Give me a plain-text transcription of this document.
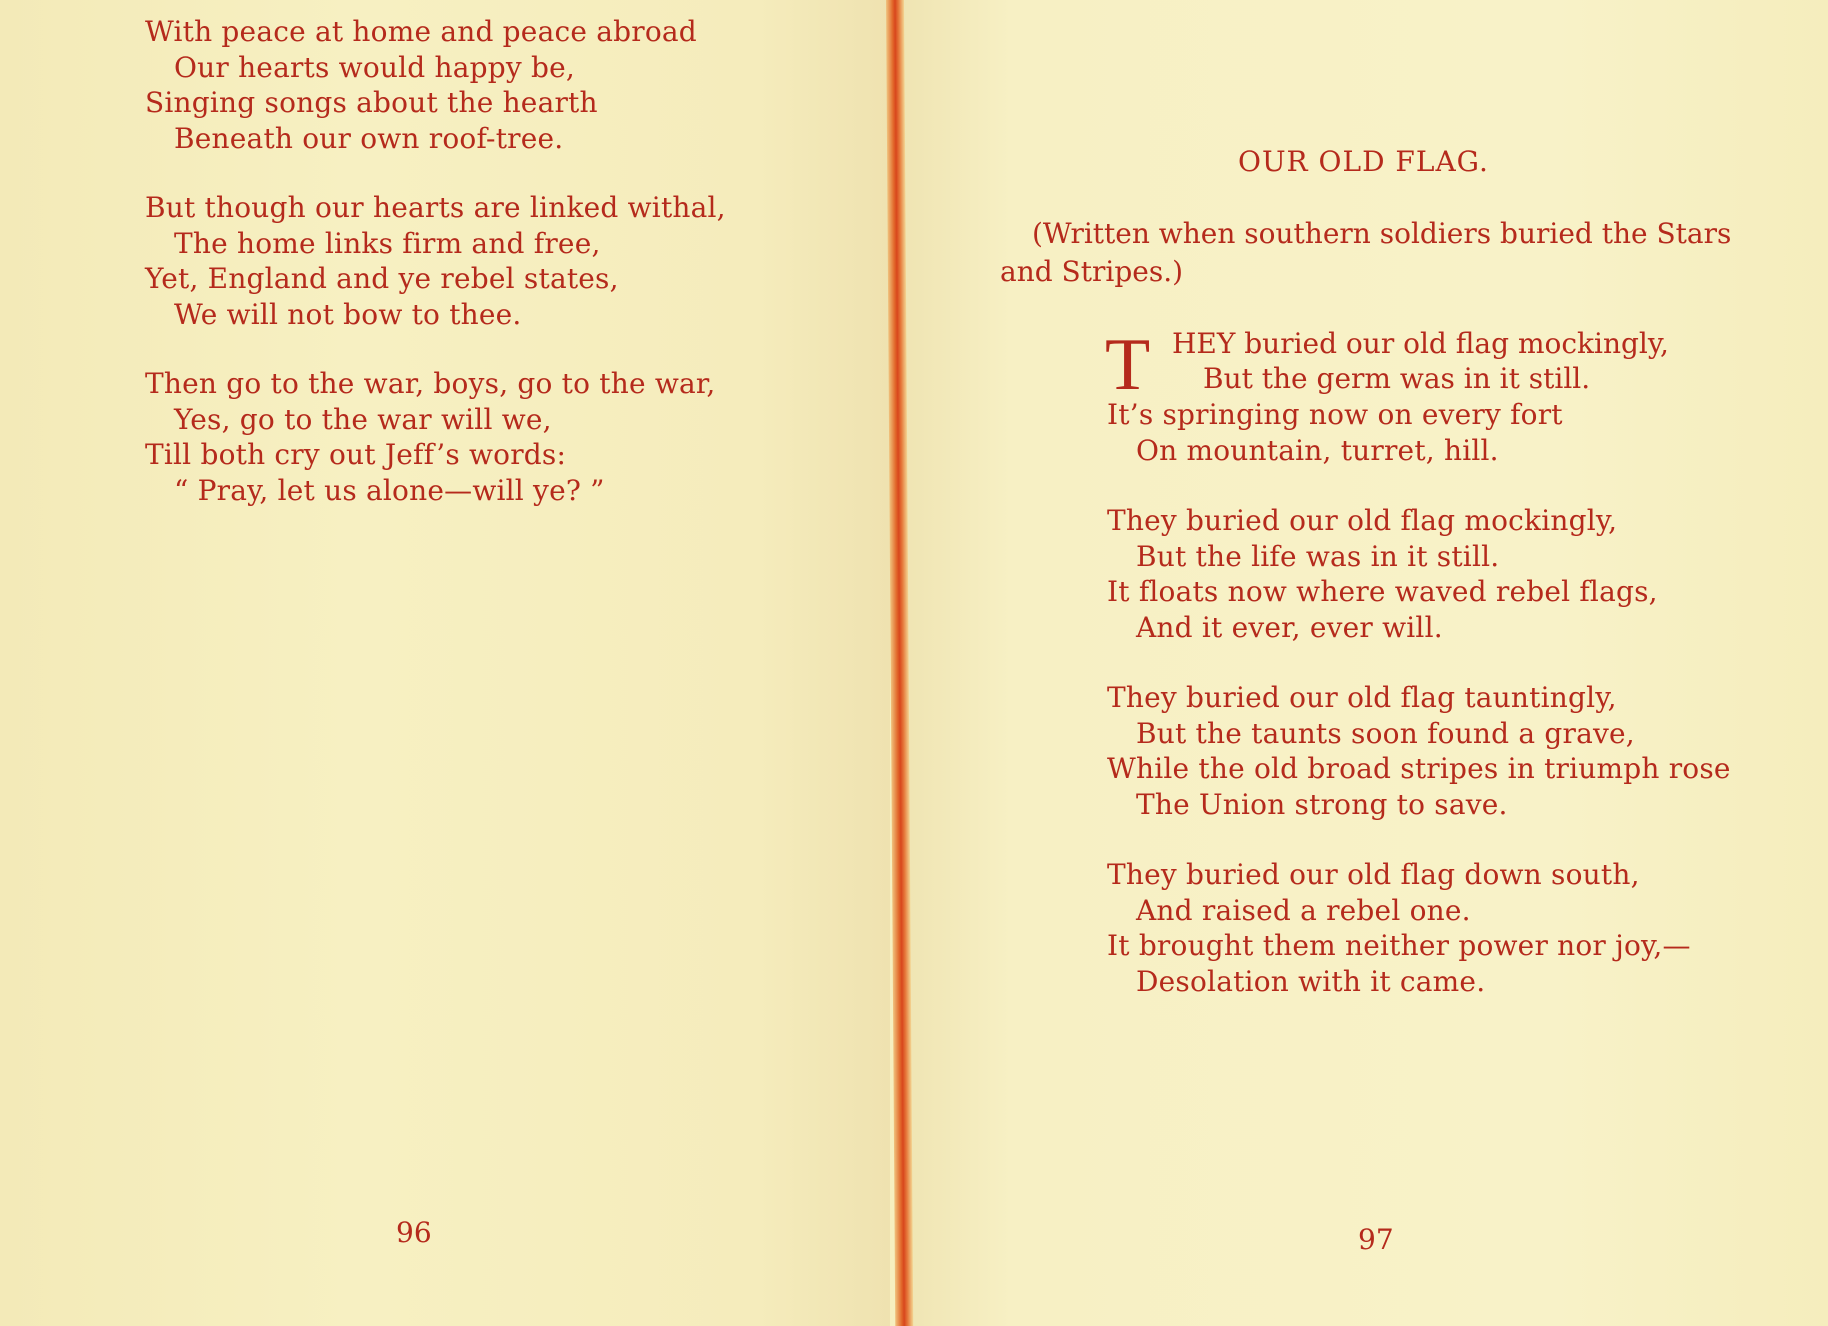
With peace at home and peace abroad
Our hearts would happy be,
Singing songs about the hearth
Beneath our own roof-tree.
But though our hearts are linked withal,
The home links firm and free,
Yet, England and ye rebel states,
We will not bow to thee.
Then go to the war, boys, go to the war,
Yes, go to the war will we,
Till both cry out Jeff’s words:
“ Pray, let us alone—will ye? ”
96
OUR OLD FLAG.
(Written when southern soldiers buried the Stars and Stripes.)
T HEY buried our old flag mockingly,
But the germ was in it still.
It’s springing now on every fort
On mountain, turret, hill.
They buried our old flag mockingly,
But the life was in it still.
It floats now where waved rebel flags,
And it ever, ever will.
They buried our old flag tauntingly,
But the taunts soon found a grave,
While the old broad stripes in triumph rose
The Union strong to save.
They buried our old flag down south,
And raised a rebel one.
It brought them neither power nor joy,—
Desolation with it came.
97
